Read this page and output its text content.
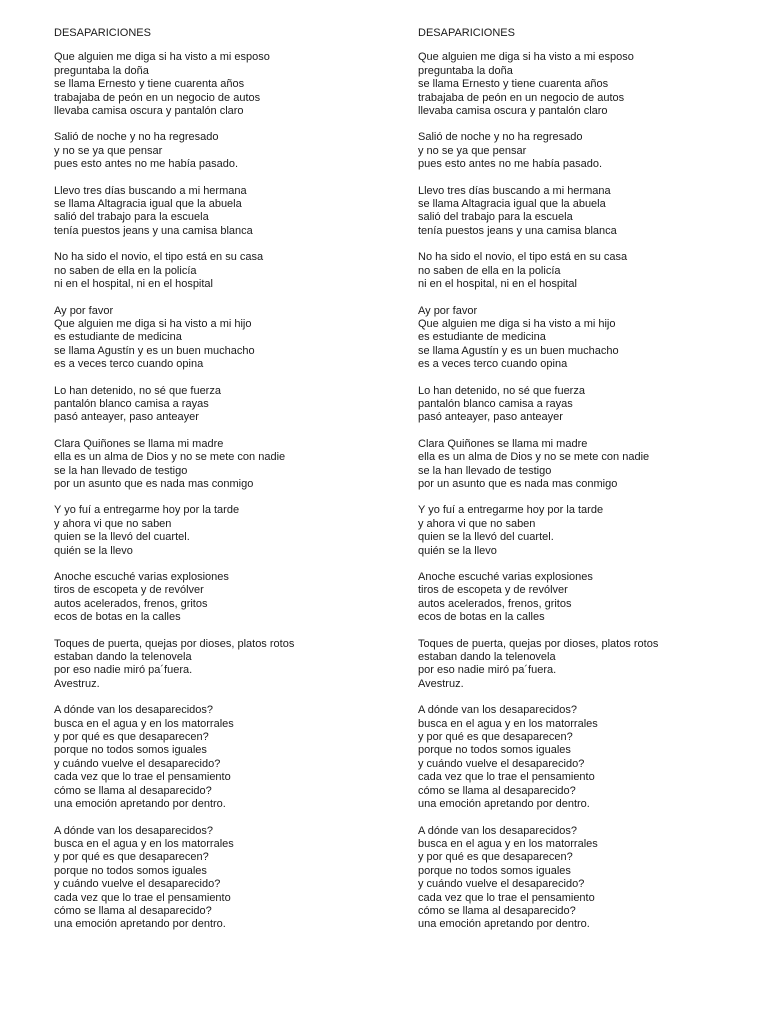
DESAPARICIONES
Que alguien me diga si ha visto a mi esposo
preguntaba la doña
se llama Ernesto y tiene cuarenta años
trabajaba de peón en un negocio de autos
llevaba camisa oscura y pantalón claro
Salió de noche y no ha regresado
y no se ya que pensar
pues esto antes no me había pasado.
Llevo tres días buscando a mi hermana
se llama Altagracia igual que la abuela
salió del trabajo para la escuela
tenía puestos jeans y una camisa blanca
No ha sido el novio, el tipo está en su casa
no saben de ella en la policía
ni en el hospital, ni en el hospital
Ay por favor
Que alguien me diga si ha visto a mi hijo
es estudiante de medicina
se llama Agustín y es un buen muchacho
es a veces terco cuando opina
Lo han detenido, no sé que fuerza
pantalón blanco camisa a rayas
pasó anteayer, paso anteayer
Clara Quiñones se llama mi madre
ella es un alma de Dios y no se mete con nadie
se la han llevado de testigo
por un asunto que es nada mas conmigo
Y yo fuí a entregarme hoy por la tarde
y ahora vi que no saben
quien se la llevó del cuartel.
quién se la llevo
Anoche escuché varias explosiones
tiros de escopeta y de revólver
autos acelerados, frenos, gritos
ecos de botas en la calles
Toques de puerta, quejas por dioses, platos rotos
estaban dando la telenovela
por eso nadie miró pa´fuera.
Avestruz.
A dónde van los desaparecidos?
busca en el agua y en los matorrales
y por qué es que desaparecen?
porque no todos somos iguales
y cuándo vuelve el desaparecido?
cada vez que lo trae el pensamiento
cómo se llama al desaparecido?
una emoción apretando por dentro.
A dónde van los desaparecidos?
busca en el agua y en los matorrales
y por qué es que desaparecen?
porque no todos somos iguales
y cuándo vuelve el desaparecido?
cada vez que lo trae el pensamiento
cómo se llama al desaparecido?
una emoción apretando por dentro.
DESAPARICIONES
Que alguien me diga si ha visto a mi esposo
preguntaba la doña
se llama Ernesto y tiene cuarenta años
trabajaba de peón en un negocio de autos
llevaba camisa oscura y pantalón claro
Salió de noche y no ha regresado
y no se ya que pensar
pues esto antes no me había pasado.
Llevo tres días buscando a mi hermana
se llama Altagracia igual que la abuela
salió del trabajo para la escuela
tenía puestos jeans y una camisa blanca
No ha sido el novio, el tipo está en su casa
no saben de ella en la policía
ni en el hospital, ni en el hospital
Ay por favor
Que alguien me diga si ha visto a mi hijo
es estudiante de medicina
se llama Agustín y es un buen muchacho
es a veces terco cuando opina
Lo han detenido, no sé que fuerza
pantalón blanco camisa a rayas
pasó anteayer, paso anteayer
Clara Quiñones se llama mi madre
ella es un alma de Dios y no se mete con nadie
se la han llevado de testigo
por un asunto que es nada mas conmigo
Y yo fuí a entregarme hoy por la tarde
y ahora vi que no saben
quien se la llevó del cuartel.
quién se la llevo
Anoche escuché varias explosiones
tiros de escopeta y de revólver
autos acelerados, frenos, gritos
ecos de botas en la calles
Toques de puerta, quejas por dioses, platos rotos
estaban dando la telenovela
por eso nadie miró pa´fuera.
Avestruz.
A dónde van los desaparecidos?
busca en el agua y en los matorrales
y por qué es que desaparecen?
porque no todos somos iguales
y cuándo vuelve el desaparecido?
cada vez que lo trae el pensamiento
cómo se llama al desaparecido?
una emoción apretando por dentro.
A dónde van los desaparecidos?
busca en el agua y en los matorrales
y por qué es que desaparecen?
porque no todos somos iguales
y cuándo vuelve el desaparecido?
cada vez que lo trae el pensamiento
cómo se llama al desaparecido?
una emoción apretando por dentro.
